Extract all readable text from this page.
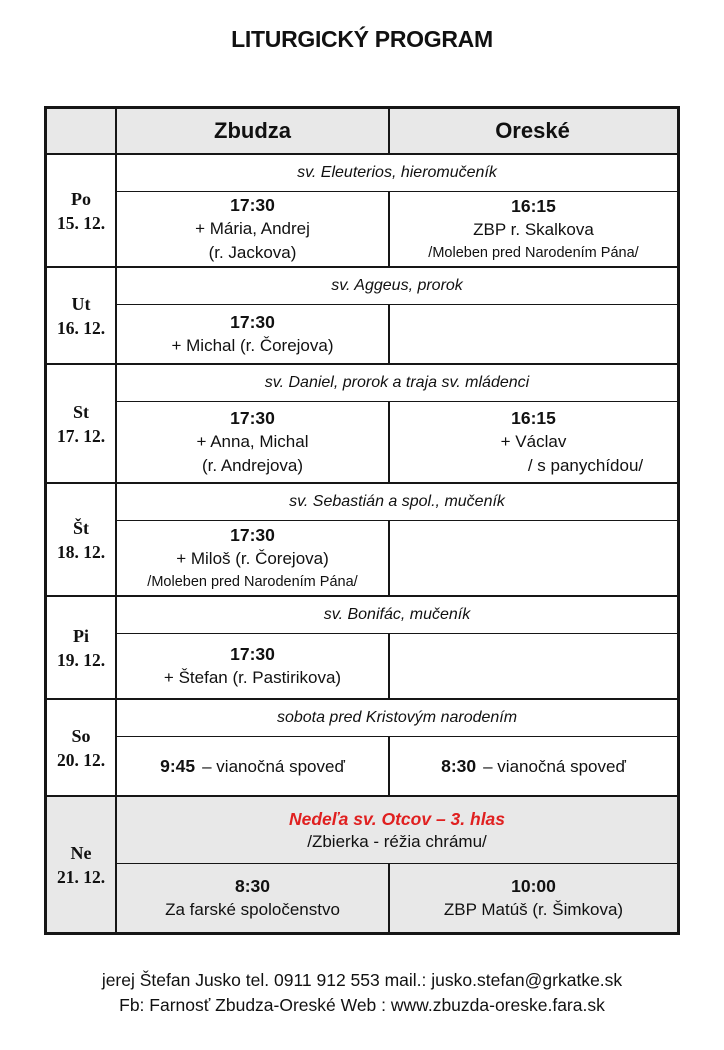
LITURGICKÝ PROGRAM
Zbudza	Oreské
Po
15. 12.
sv. Eleuterios, hieromučeník
17:30
+ Mária, Andrej
(r. Jackova)
16:15
ZBP r. Skalkova
/Moleben pred Narodením Pána/
Ut
16. 12.
sv. Aggeus, prorok
17:30
+ Michal (r. Čorejova)
St
17. 12.
sv. Daniel, prorok a traja sv. mládenci
17:30
+ Anna, Michal
(r. Andrejova)
16:15
+ Václav
/ s panychídou/
Št
18. 12.
sv. Sebastián a spol., mučeník
17:30
+ Miloš (r. Čorejova)
/Moleben pred Narodením Pána/
Pi
19. 12.
sv. Bonifác, mučeník
17:30
+ Štefan (r. Pastirikova)
So
20. 12.
sobota pred Kristovým narodením
9:45 – vianočná spoveď	8:30 – vianočná spoveď
Ne
21. 12.
Nedeľa sv. Otcov – 3. hlas
/Zbierka - réžia chrámu/
8:30
Za farské spoločenstvo
10:00
ZBP Matúš (r. Šimkova)
jerej Štefan Jusko tel. 0911 912 553 mail.: jusko.stefan@grkatke.sk
Fb: Farnosť Zbudza-Oreské Web : www.zbuzda-oreske.fara.sk
